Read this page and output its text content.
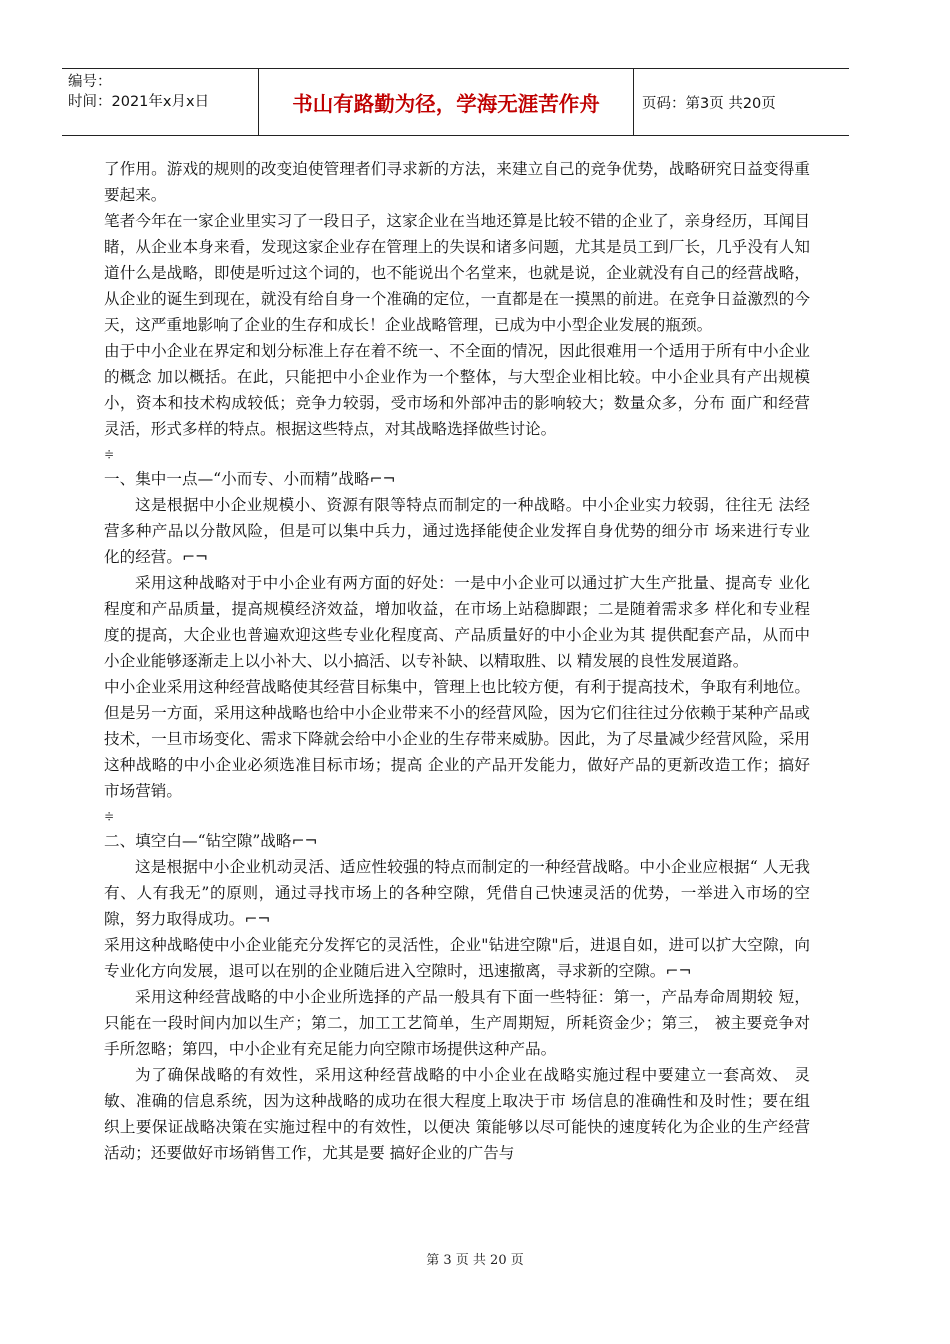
编号：
时间：2021年x月x日	书山有路勤为径，学海无涯苦作舟	页码：第3页 共20页

了作用。游戏的规则的改变迫使管理者们寻求新的方法，来建立自己的竞争优势，战略研究日益变得重要起来。

笔者今年在一家企业里实习了一段日子，这家企业在当地还算是比较不错的企业了，亲身经历，耳闻目睹，从企业本身来看，发现这家企业存在管理上的失误和诸多问题，尤其是员工到厂长，几乎没有人知道什么是战略，即使是听过这个词的，也不能说出个名堂来，也就是说，企业就没有自己的经营战略，从企业的诞生到现在，就没有给自身一个准确的定位，一直都是在一摸黑的前进。在竞争日益激烈的今天，这严重地影响了企业的生存和成长！企业战略管理，已成为中小型企业发展的瓶颈。

由于中小企业在界定和划分标准上存在着不统一、不全面的情况，因此很难用一个适用于所有中小企业的概念 加以概括。在此，只能把中小企业作为一个整体，与大型企业相比较。中小企业具有产出规模小，资本和技术构成较低；竞争力较弱，受市场和外部冲击的影响较大；数量众多，分布 面广和经营灵活，形式多样的特点。根据这些特点，对其战略选择做些讨论。

≑

一、集中一点—“小而专、小而精”战略⌐¬

这是根据中小企业规模小、资源有限等特点而制定的一种战略。中小企业实力较弱，往往无 法经营多种产品以分散风险，但是可以集中兵力，通过选择能使企业发挥自身优势的细分市 场来进行专业化的经营。⌐¬

采用这种战略对于中小企业有两方面的好处：一是中小企业可以通过扩大生产批量、提高专 业化程度和产品质量，提高规模经济效益，增加收益，在市场上站稳脚跟；二是随着需求多 样化和专业程度的提高，大企业也普遍欢迎这些专业化程度高、产品质量好的中小企业为其 提供配套产品，从而中小企业能够逐渐走上以小补大、以小搞活、以专补缺、以精取胜、以 精发展的良性发展道路。

中小企业采用这种经营战略使其经营目标集中，管理上也比较方便，有利于提高技术，争取有利地位。但是另一方面，采用这种战略也给中小企业带来不小的经营风险，因为它们往往过分依赖于某种产品或技术，一旦市场变化、需求下降就会给中小企业的生存带来威胁。因此，为了尽量减少经营风险，采用这种战略的中小企业必须选准目标市场；提高 企业的产品开发能力，做好产品的更新改造工作；搞好市场营销。

≑

二、填空白—“钻空隙”战略⌐¬

这是根据中小企业机动灵活、适应性较强的特点而制定的一种经营战略。中小企业应根据“ 人无我有、人有我无”的原则，通过寻找市场上的各种空隙，凭借自己快速灵活的优势，一举进入市场的空隙，努力取得成功。⌐¬

采用这种战略使中小企业能充分发挥它的灵活性，企业"钻进空隙"后，进退自如，进可以扩大空隙，向专业化方向发展，退可以在别的企业随后进入空隙时，迅速撤离，寻求新的空隙。⌐¬

采用这种经营战略的中小企业所选择的产品一般具有下面一些特征：第一，产品寿命周期较 短，只能在一段时间内加以生产；第二，加工工艺简单，生产周期短，所耗资金少；第三， 被主要竞争对手所忽略；第四，中小企业有充足能力向空隙市场提供这种产品。

为了确保战略的有效性，采用这种经营战略的中小企业在战略实施过程中要建立一套高效、 灵敏、准确的信息系统，因为这种战略的成功在很大程度上取决于市 场信息的准确性和及时性；要在组织上要保证战略决策在实施过程中的有效性，以便决 策能够以尽可能快的速度转化为企业的生产经营活动；还要做好市场销售工作，尤其是要 搞好企业的广告与

第 3 页 共 20 页
